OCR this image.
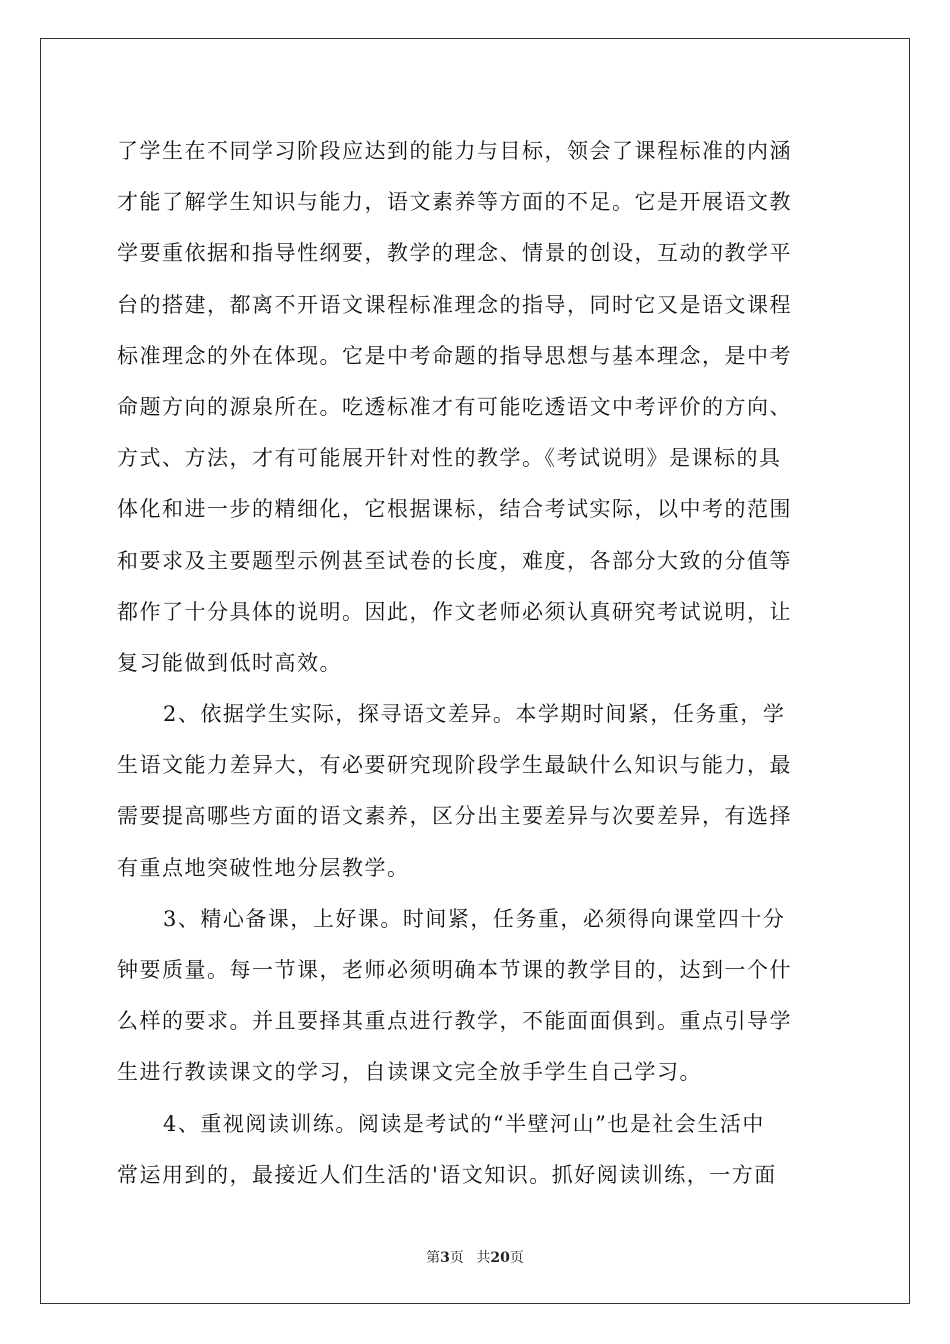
了学生在不同学习阶段应达到的能力与目标，领会了课程标准的内涵
才能了解学生知识与能力，语文素养等方面的不足。它是开展语文教
学要重依据和指导性纲要，教学的理念、情景的创设，互动的教学平
台的搭建，都离不开语文课程标准理念的指导，同时它又是语文课程
标准理念的外在体现。它是中考命题的指导思想与基本理念，是中考
命题方向的源泉所在。吃透标准才有可能吃透语文中考评价的方向、
方式、方法，才有可能展开针对性的教学。《考试说明》是课标的具
体化和进一步的精细化，它根据课标，结合考试实际，以中考的范围
和要求及主要题型示例甚至试卷的长度，难度，各部分大致的分值等
都作了十分具体的说明。因此，作文老师必须认真研究考试说明，让
复习能做到低时高效。
2、依据学生实际，探寻语文差异。本学期时间紧，任务重，学
生语文能力差异大，有必要研究现阶段学生最缺什么知识与能力，最
需要提高哪些方面的语文素养，区分出主要差异与次要差异，有选择
有重点地突破性地分层教学。
3、精心备课，上好课。时间紧，任务重，必须得向课堂四十分
钟要质量。每一节课，老师必须明确本节课的教学目的，达到一个什
么样的要求。并且要择其重点进行教学，不能面面俱到。重点引导学
生进行教读课文的学习，自读课文完全放手学生自己学习。
4、重视阅读训练。阅读是考试的“半壁河山”也是社会生活中
常运用到的，最接近人们生活的'语文知识。抓好阅读训练，一方面
第3页 共20页
